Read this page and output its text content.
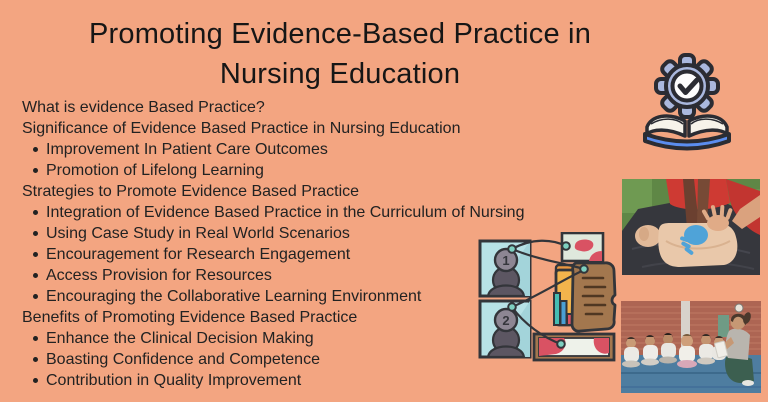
Promoting Evidence-Based Practice in
Nursing Education
What is evidence Based Practice?
Significance of Evidence Based Practice in Nursing Education
Improvement In Patient Care Outcomes
Promotion of Lifelong Learning
Strategies to Promote Evidence Based Practice
Integration of Evidence Based Practice in the Curriculum of Nursing
Using Case Study in Real World Scenarios
Encouragement for Research Engagement
Access Provision for Resources
Encouraging the Collaborative Learning Environment
Benefits of Promoting Evidence Based Practice
Enhance the Clinical Decision Making
Boasting Confidence and Competence
Contribution in Quality Improvement
1
2
